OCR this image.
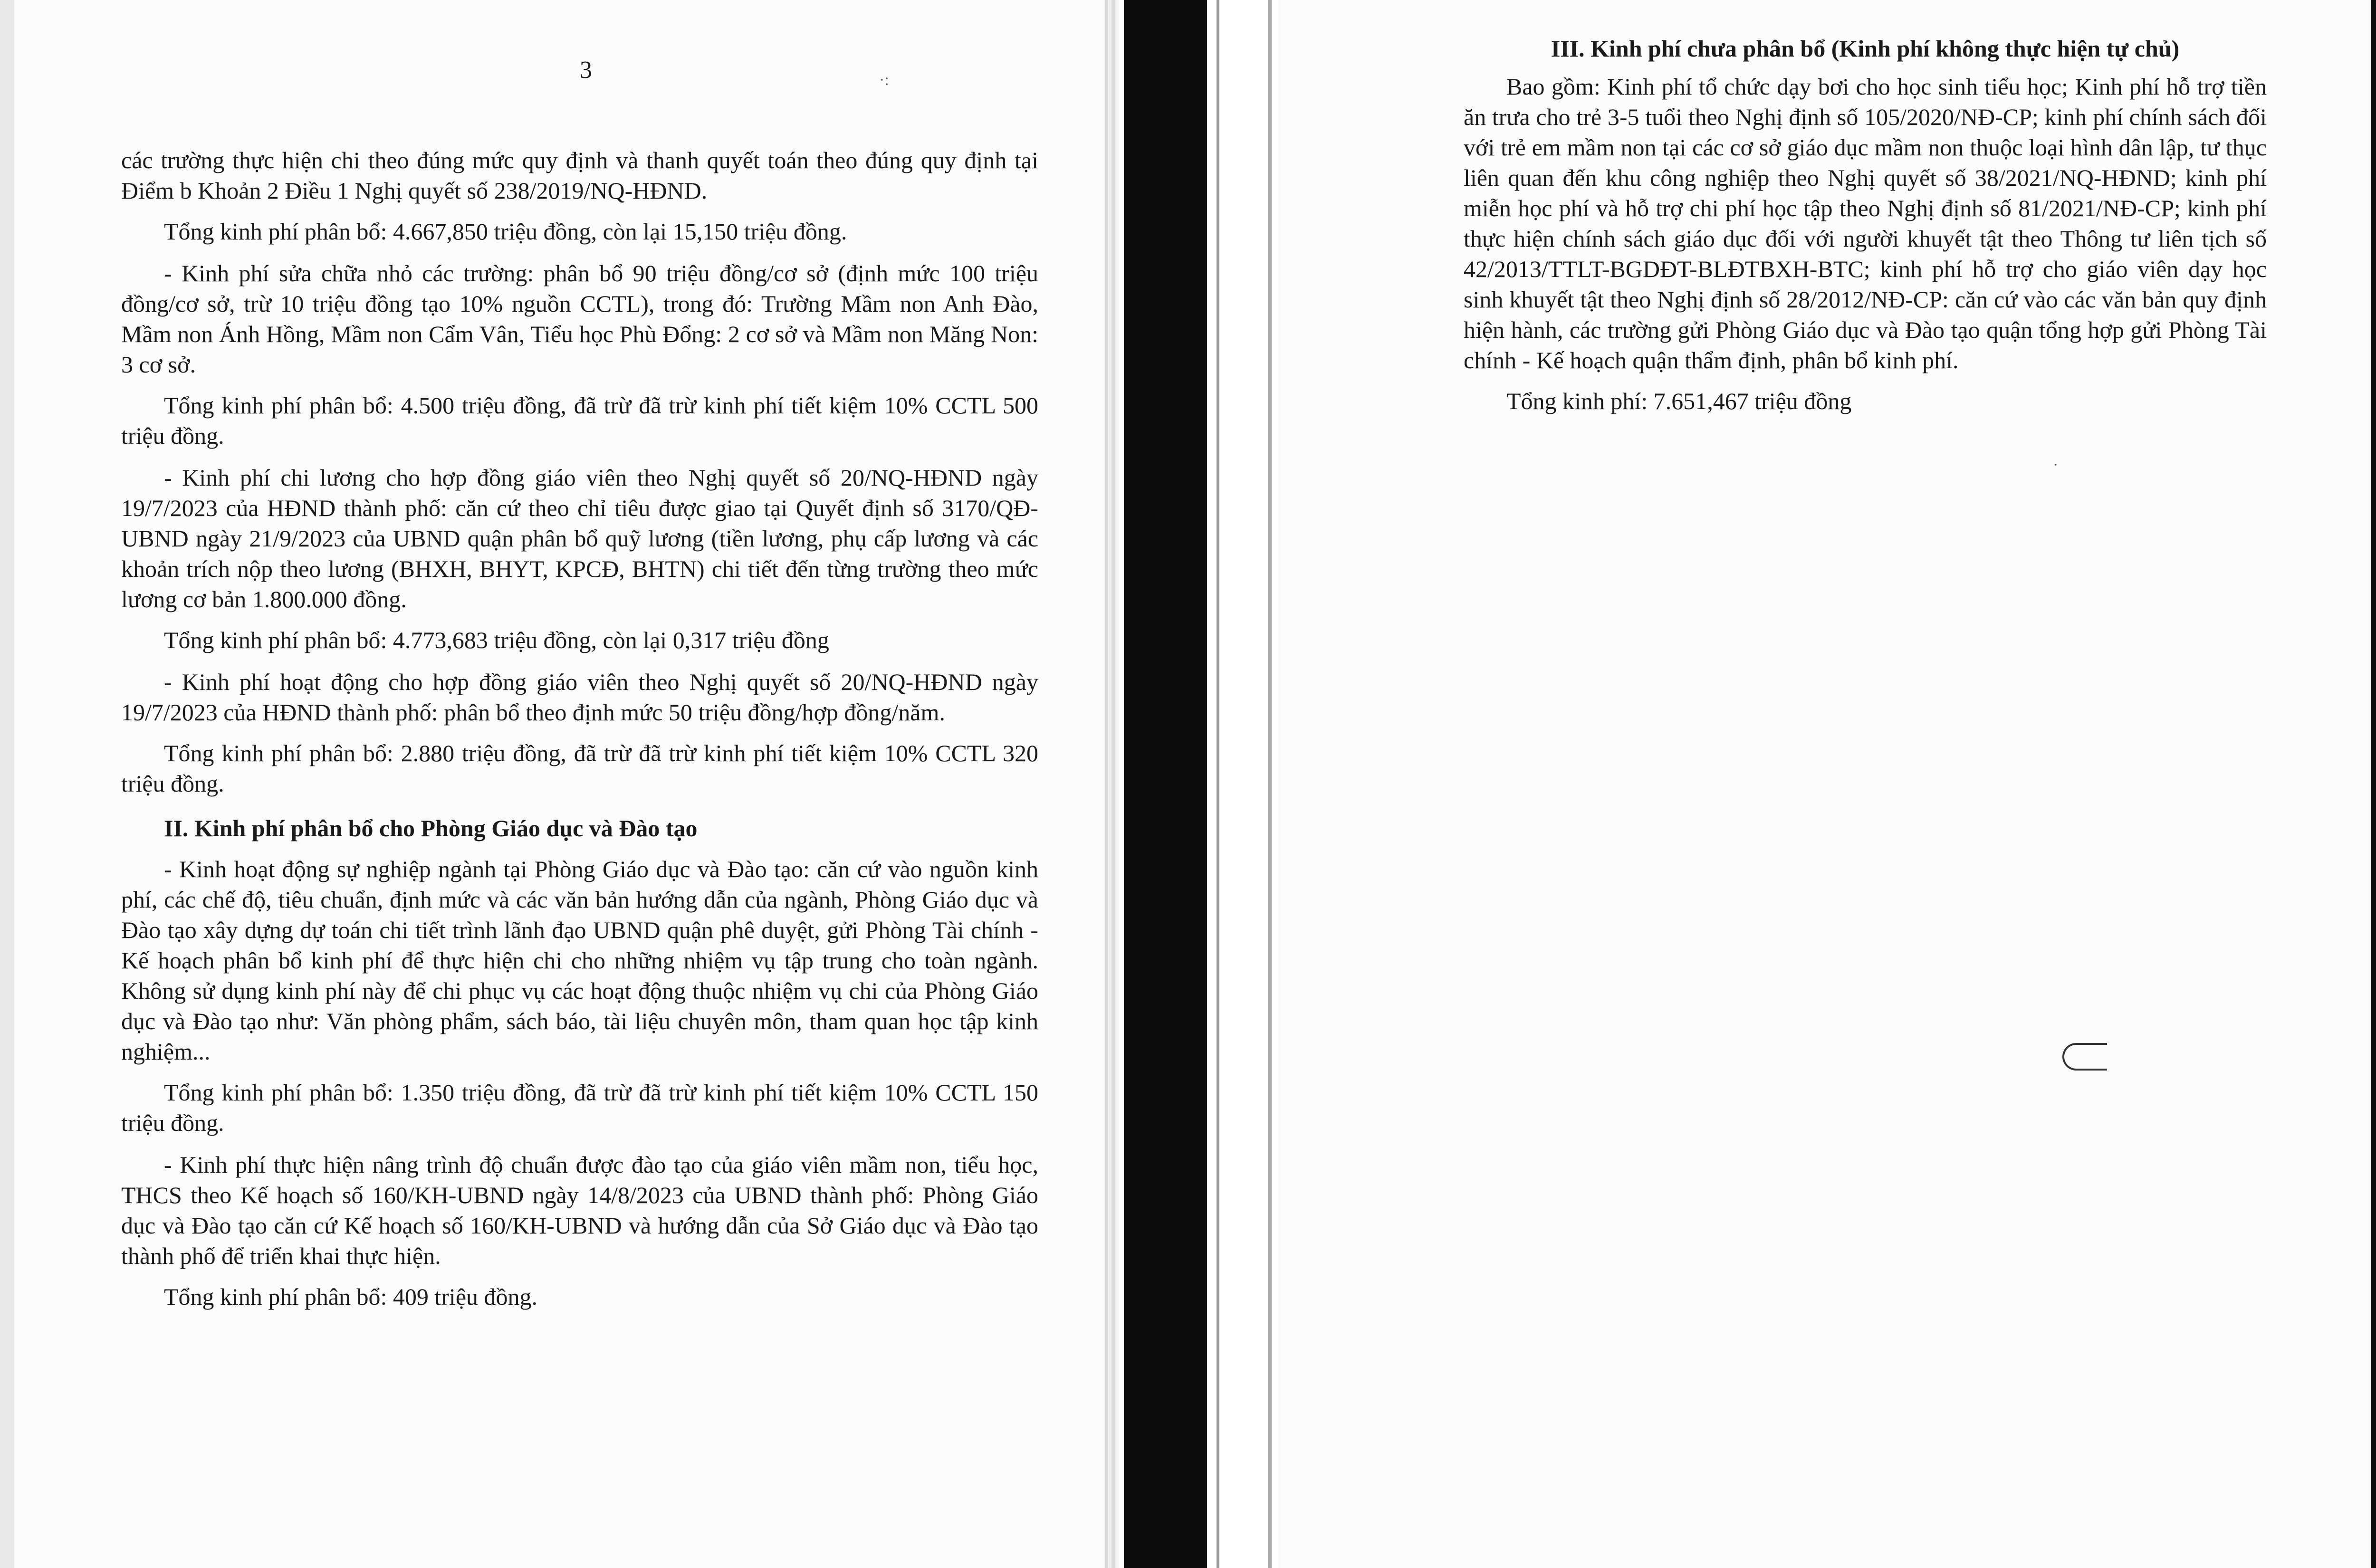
3	·:

các trường thực hiện chi theo đúng mức quy định và thanh quyết toán theo đúng quy định tại Điểm b Khoản 2 Điều 1 Nghị quyết số 238/2019/NQ-HĐND.

Tổng kinh phí phân bổ: 4.667,850 triệu đồng, còn lại 15,150 triệu đồng.

- Kinh phí sửa chữa nhỏ các trường: phân bổ 90 triệu đồng/cơ sở (định mức 100 triệu đồng/cơ sở, trừ 10 triệu đồng tạo 10% nguồn CCTL), trong đó: Trường Mầm non Anh Đào, Mầm non Ánh Hồng, Mầm non Cẩm Vân, Tiểu học Phù Đổng: 2 cơ sở và Mầm non Măng Non: 3 cơ sở.

Tổng kinh phí phân bổ: 4.500 triệu đồng, đã trừ đã trừ kinh phí tiết kiệm 10% CCTL 500 triệu đồng.

- Kinh phí chi lương cho hợp đồng giáo viên theo Nghị quyết số 20/NQ-HĐND ngày 19/7/2023 của HĐND thành phố: căn cứ theo chỉ tiêu được giao tại Quyết định số 3170/QĐ-UBND ngày 21/9/2023 của UBND quận phân bổ quỹ lương (tiền lương, phụ cấp lương và các khoản trích nộp theo lương (BHXH, BHYT, KPCĐ, BHTN) chi tiết đến từng trường theo mức lương cơ bản 1.800.000 đồng.

Tổng kinh phí phân bổ: 4.773,683 triệu đồng, còn lại 0,317 triệu đồng

- Kinh phí hoạt động cho hợp đồng giáo viên theo Nghị quyết số 20/NQ-HĐND ngày 19/7/2023 của HĐND thành phố: phân bổ theo định mức 50 triệu đồng/hợp đồng/năm.

Tổng kinh phí phân bổ: 2.880 triệu đồng, đã trừ đã trừ kinh phí tiết kiệm 10% CCTL 320 triệu đồng.

II. Kinh phí phân bổ cho Phòng Giáo dục và Đào tạo

- Kinh hoạt động sự nghiệp ngành tại Phòng Giáo dục và Đào tạo: căn cứ vào nguồn kinh phí, các chế độ, tiêu chuẩn, định mức và các văn bản hướng dẫn của ngành, Phòng Giáo dục và Đào tạo xây dựng dự toán chi tiết trình lãnh đạo UBND quận phê duyệt, gửi Phòng Tài chính - Kế hoạch phân bổ kinh phí để thực hiện chi cho những nhiệm vụ tập trung cho toàn ngành. Không sử dụng kinh phí này để chi phục vụ các hoạt động thuộc nhiệm vụ chi của Phòng Giáo dục và Đào tạo như: Văn phòng phẩm, sách báo, tài liệu chuyên môn, tham quan học tập kinh nghiệm...

Tổng kinh phí phân bổ: 1.350 triệu đồng, đã trừ đã trừ kinh phí tiết kiệm 10% CCTL 150 triệu đồng.

- Kinh phí thực hiện nâng trình độ chuẩn được đào tạo của giáo viên mầm non, tiểu học, THCS theo Kế hoạch số 160/KH-UBND ngày 14/8/2023 của UBND thành phố: Phòng Giáo dục và Đào tạo căn cứ Kế hoạch số 160/KH-UBND và hướng dẫn của Sở Giáo dục và Đào tạo thành phố để triển khai thực hiện.

Tổng kinh phí phân bổ: 409 triệu đồng.

III. Kinh phí chưa phân bổ (Kinh phí không thực hiện tự chủ)

Bao gồm: Kinh phí tổ chức dạy bơi cho học sinh tiểu học; Kinh phí hỗ trợ tiền ăn trưa cho trẻ 3-5 tuổi theo Nghị định số 105/2020/NĐ-CP; kinh phí chính sách đối với trẻ em mầm non tại các cơ sở giáo dục mầm non thuộc loại hình dân lập, tư thục liên quan đến khu công nghiệp theo Nghị quyết số 38/2021/NQ-HĐND; kinh phí miễn học phí và hỗ trợ chi phí học tập theo Nghị định số 81/2021/NĐ-CP; kinh phí thực hiện chính sách giáo dục đối với người khuyết tật theo Thông tư liên tịch số 42/2013/TTLT-BGDĐT-BLĐTBXH-BTC; kinh phí hỗ trợ cho giáo viên dạy học sinh khuyết tật theo Nghị định số 28/2012/NĐ-CP: căn cứ vào các văn bản quy định hiện hành, các trường gửi Phòng Giáo dục và Đào tạo quận tổng hợp gửi Phòng Tài chính - Kế hoạch quận thẩm định, phân bổ kinh phí.

Tổng kinh phí: 7.651,467 triệu đồng

·
